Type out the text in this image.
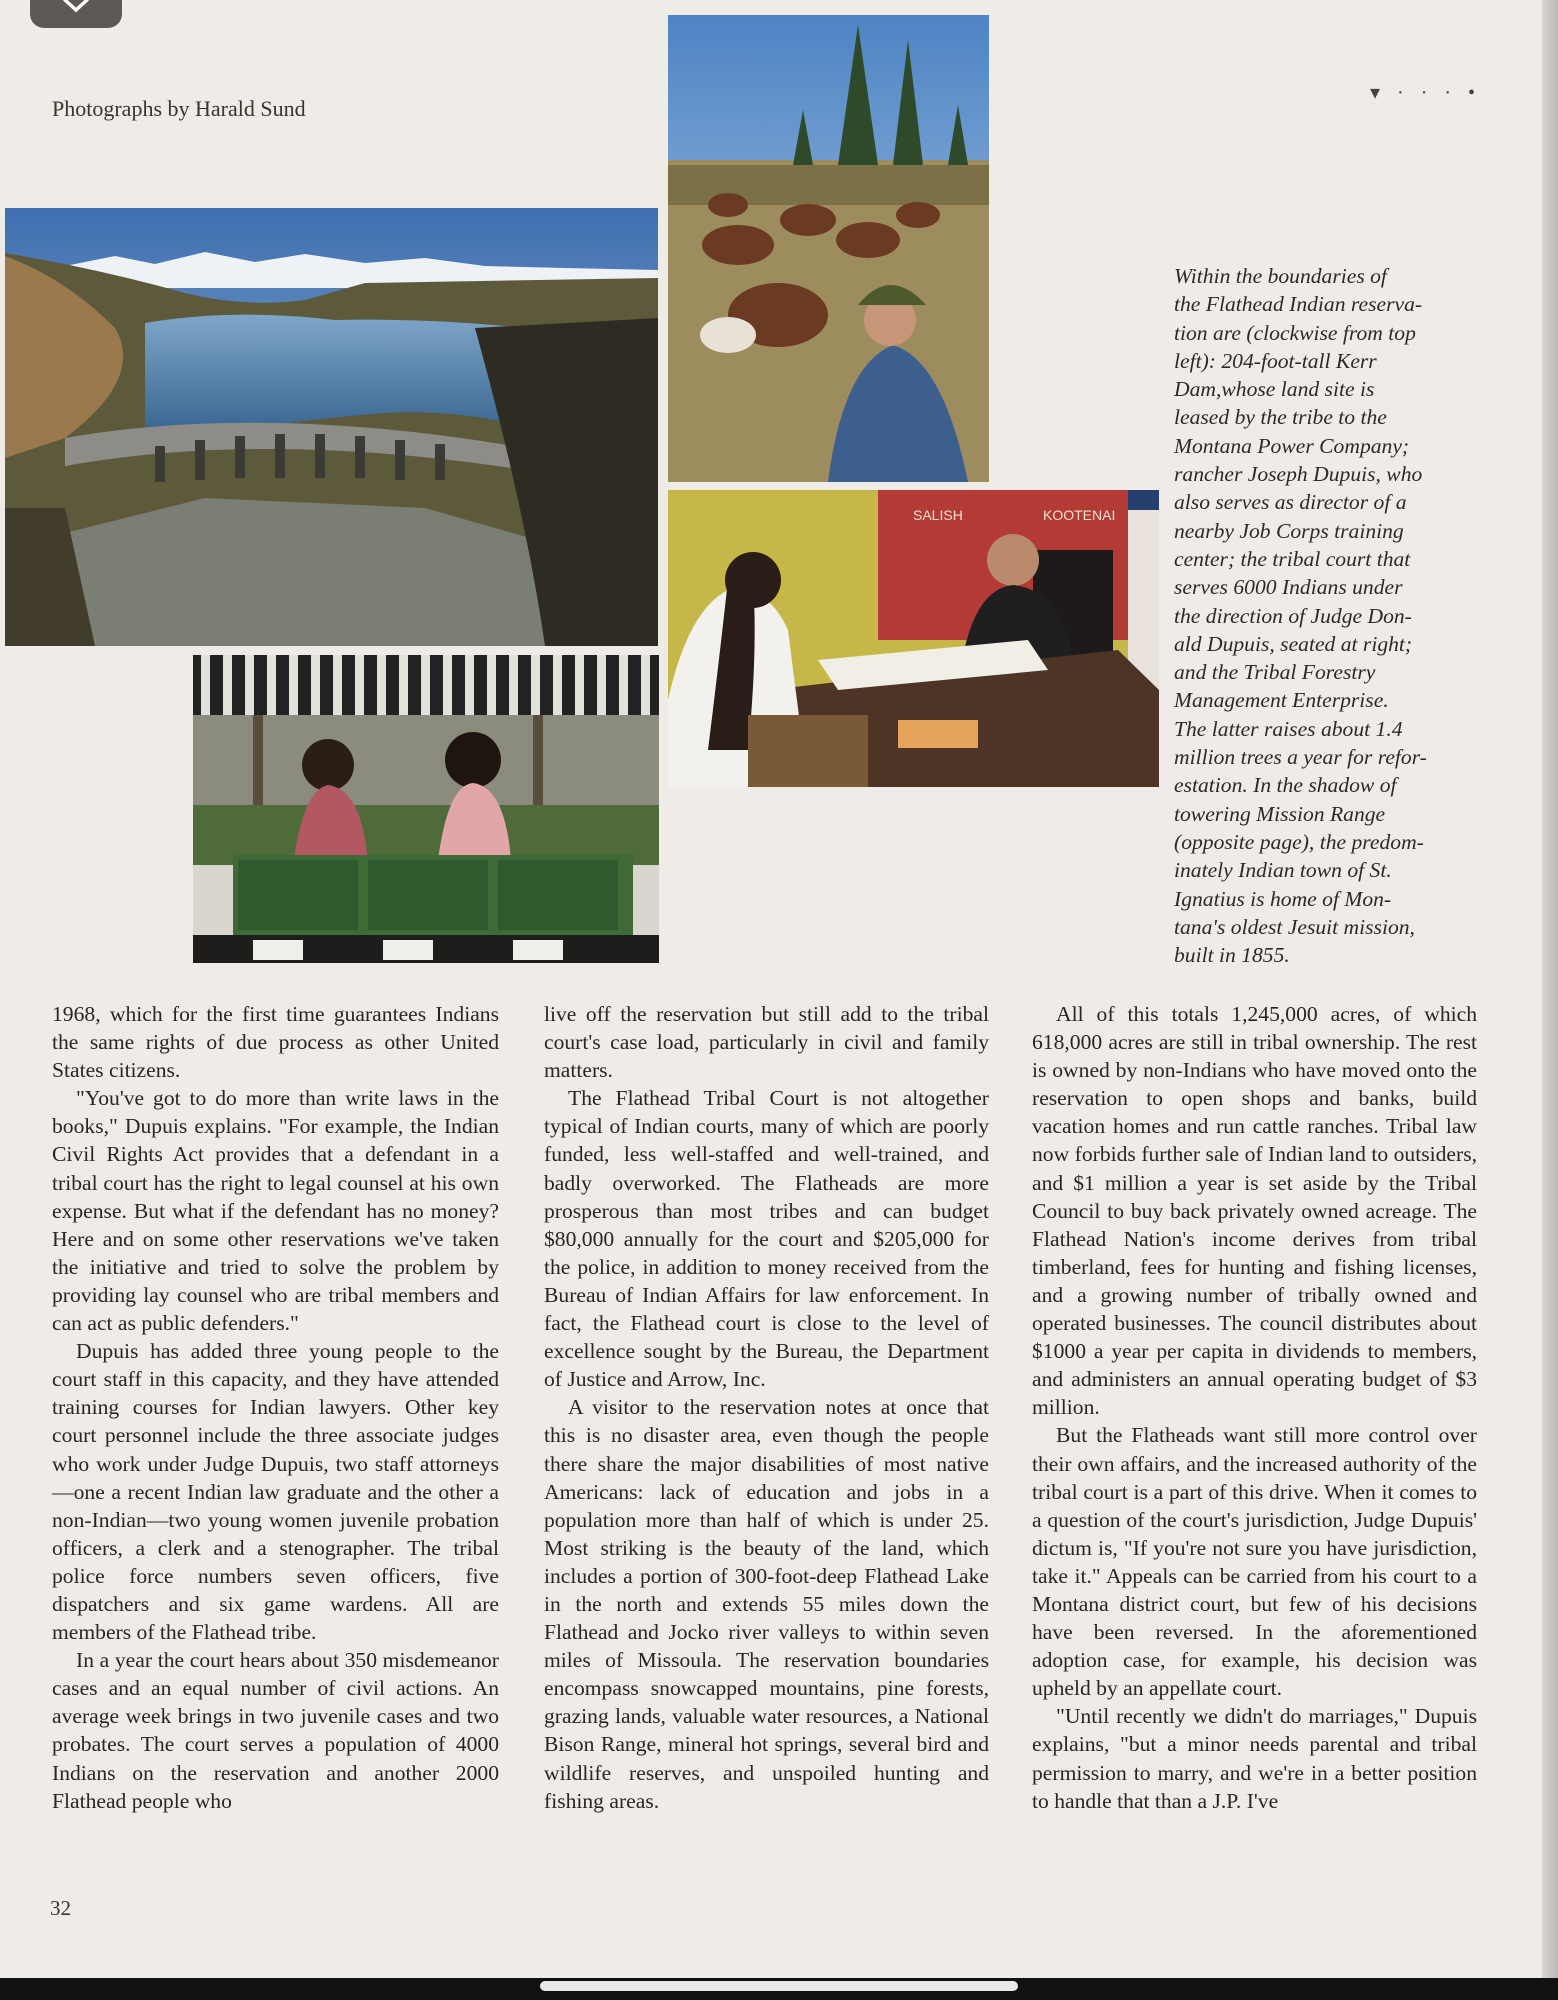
Photographs by Harald Sund
▾ · · · •
SALISH	KOOTENAI

Within the boundaries of
the Flathead Indian reserva-
tion are (clockwise from top
left): 204-foot-tall Kerr
Dam,whose land site is
leased by the tribe to the
Montana Power Company;
rancher Joseph Dupuis, who
also serves as director of a
nearby Job Corps training
center; the tribal court that
serves 6000 Indians under
the direction of Judge Don-
ald Dupuis, seated at right;
and the Tribal Forestry
Management Enterprise.
The latter raises about 1.4
million trees a year for refor-
estation. In the shadow of
towering Mission Range
(opposite page), the predom-
inately Indian town of St.
Ignatius is home of Mon-
tana's oldest Jesuit mission,
built in 1855.

1968, which for the first time guarantees Indians the same rights of due process as other United States citizens.

"You've got to do more than write laws in the books," Dupuis explains. "For example, the Indian Civil Rights Act provides that a defendant in a tribal court has the right to legal counsel at his own expense. But what if the defendant has no money? Here and on some other reservations we've taken the initiative and tried to solve the problem by providing lay counsel who are tribal members and can act as public defenders."

Dupuis has added three young people to the court staff in this capacity, and they have attended training courses for Indian lawyers. Other key court personnel include the three associate judges who work under Judge Dupuis, two staff attorneys—one a recent Indian law graduate and the other a non-Indian—two young women juvenile probation officers, a clerk and a stenographer. The tribal police force numbers seven officers, five dispatchers and six game wardens. All are members of the Flathead tribe.

In a year the court hears about 350 misdemeanor cases and an equal number of civil actions. An average week brings in two juvenile cases and two probates. The court serves a population of 4000 Indians on the reservation and another 2000 Flathead people who

live off the reservation but still add to the tribal court's case load, particularly in civil and family matters.

The Flathead Tribal Court is not altogether typical of Indian courts, many of which are poorly funded, less well-staffed and well-trained, and badly overworked. The Flatheads are more prosperous than most tribes and can budget $80,000 annually for the court and $205,000 for the police, in addition to money received from the Bureau of Indian Affairs for law enforcement. In fact, the Flathead court is close to the level of excellence sought by the Bureau, the Department of Justice and Arrow, Inc.

A visitor to the reservation notes at once that this is no disaster area, even though the people there share the major disabilities of most native Americans: lack of education and jobs in a population more than half of which is under 25. Most striking is the beauty of the land, which includes a portion of 300-foot-deep Flathead Lake in the north and extends 55 miles down the Flathead and Jocko river valleys to within seven miles of Missoula. The reservation boundaries encompass snowcapped mountains, pine forests, grazing lands, valuable water resources, a National Bison Range, mineral hot springs, several bird and wildlife reserves, and unspoiled hunting and fishing areas.

All of this totals 1,245,000 acres, of which 618,000 acres are still in tribal ownership. The rest is owned by non-Indians who have moved onto the reservation to open shops and banks, build vacation homes and run cattle ranches. Tribal law now forbids further sale of Indian land to outsiders, and $1 million a year is set aside by the Tribal Council to buy back privately owned acreage. The Flathead Nation's income derives from tribal timberland, fees for hunting and fishing licenses, and a growing number of tribally owned and operated businesses. The council distributes about $1000 a year per capita in dividends to members, and administers an annual operating budget of $3 million.

But the Flatheads want still more control over their own affairs, and the increased authority of the tribal court is a part of this drive. When it comes to a question of the court's jurisdiction, Judge Dupuis' dictum is, "If you're not sure you have jurisdiction, take it." Appeals can be carried from his court to a Montana district court, but few of his decisions have been reversed. In the aforementioned adoption case, for example, his decision was upheld by an appellate court.

"Until recently we didn't do marriages," Dupuis explains, "but a minor needs parental and tribal permission to marry, and we're in a better position to handle that than a J.P. I've

32
